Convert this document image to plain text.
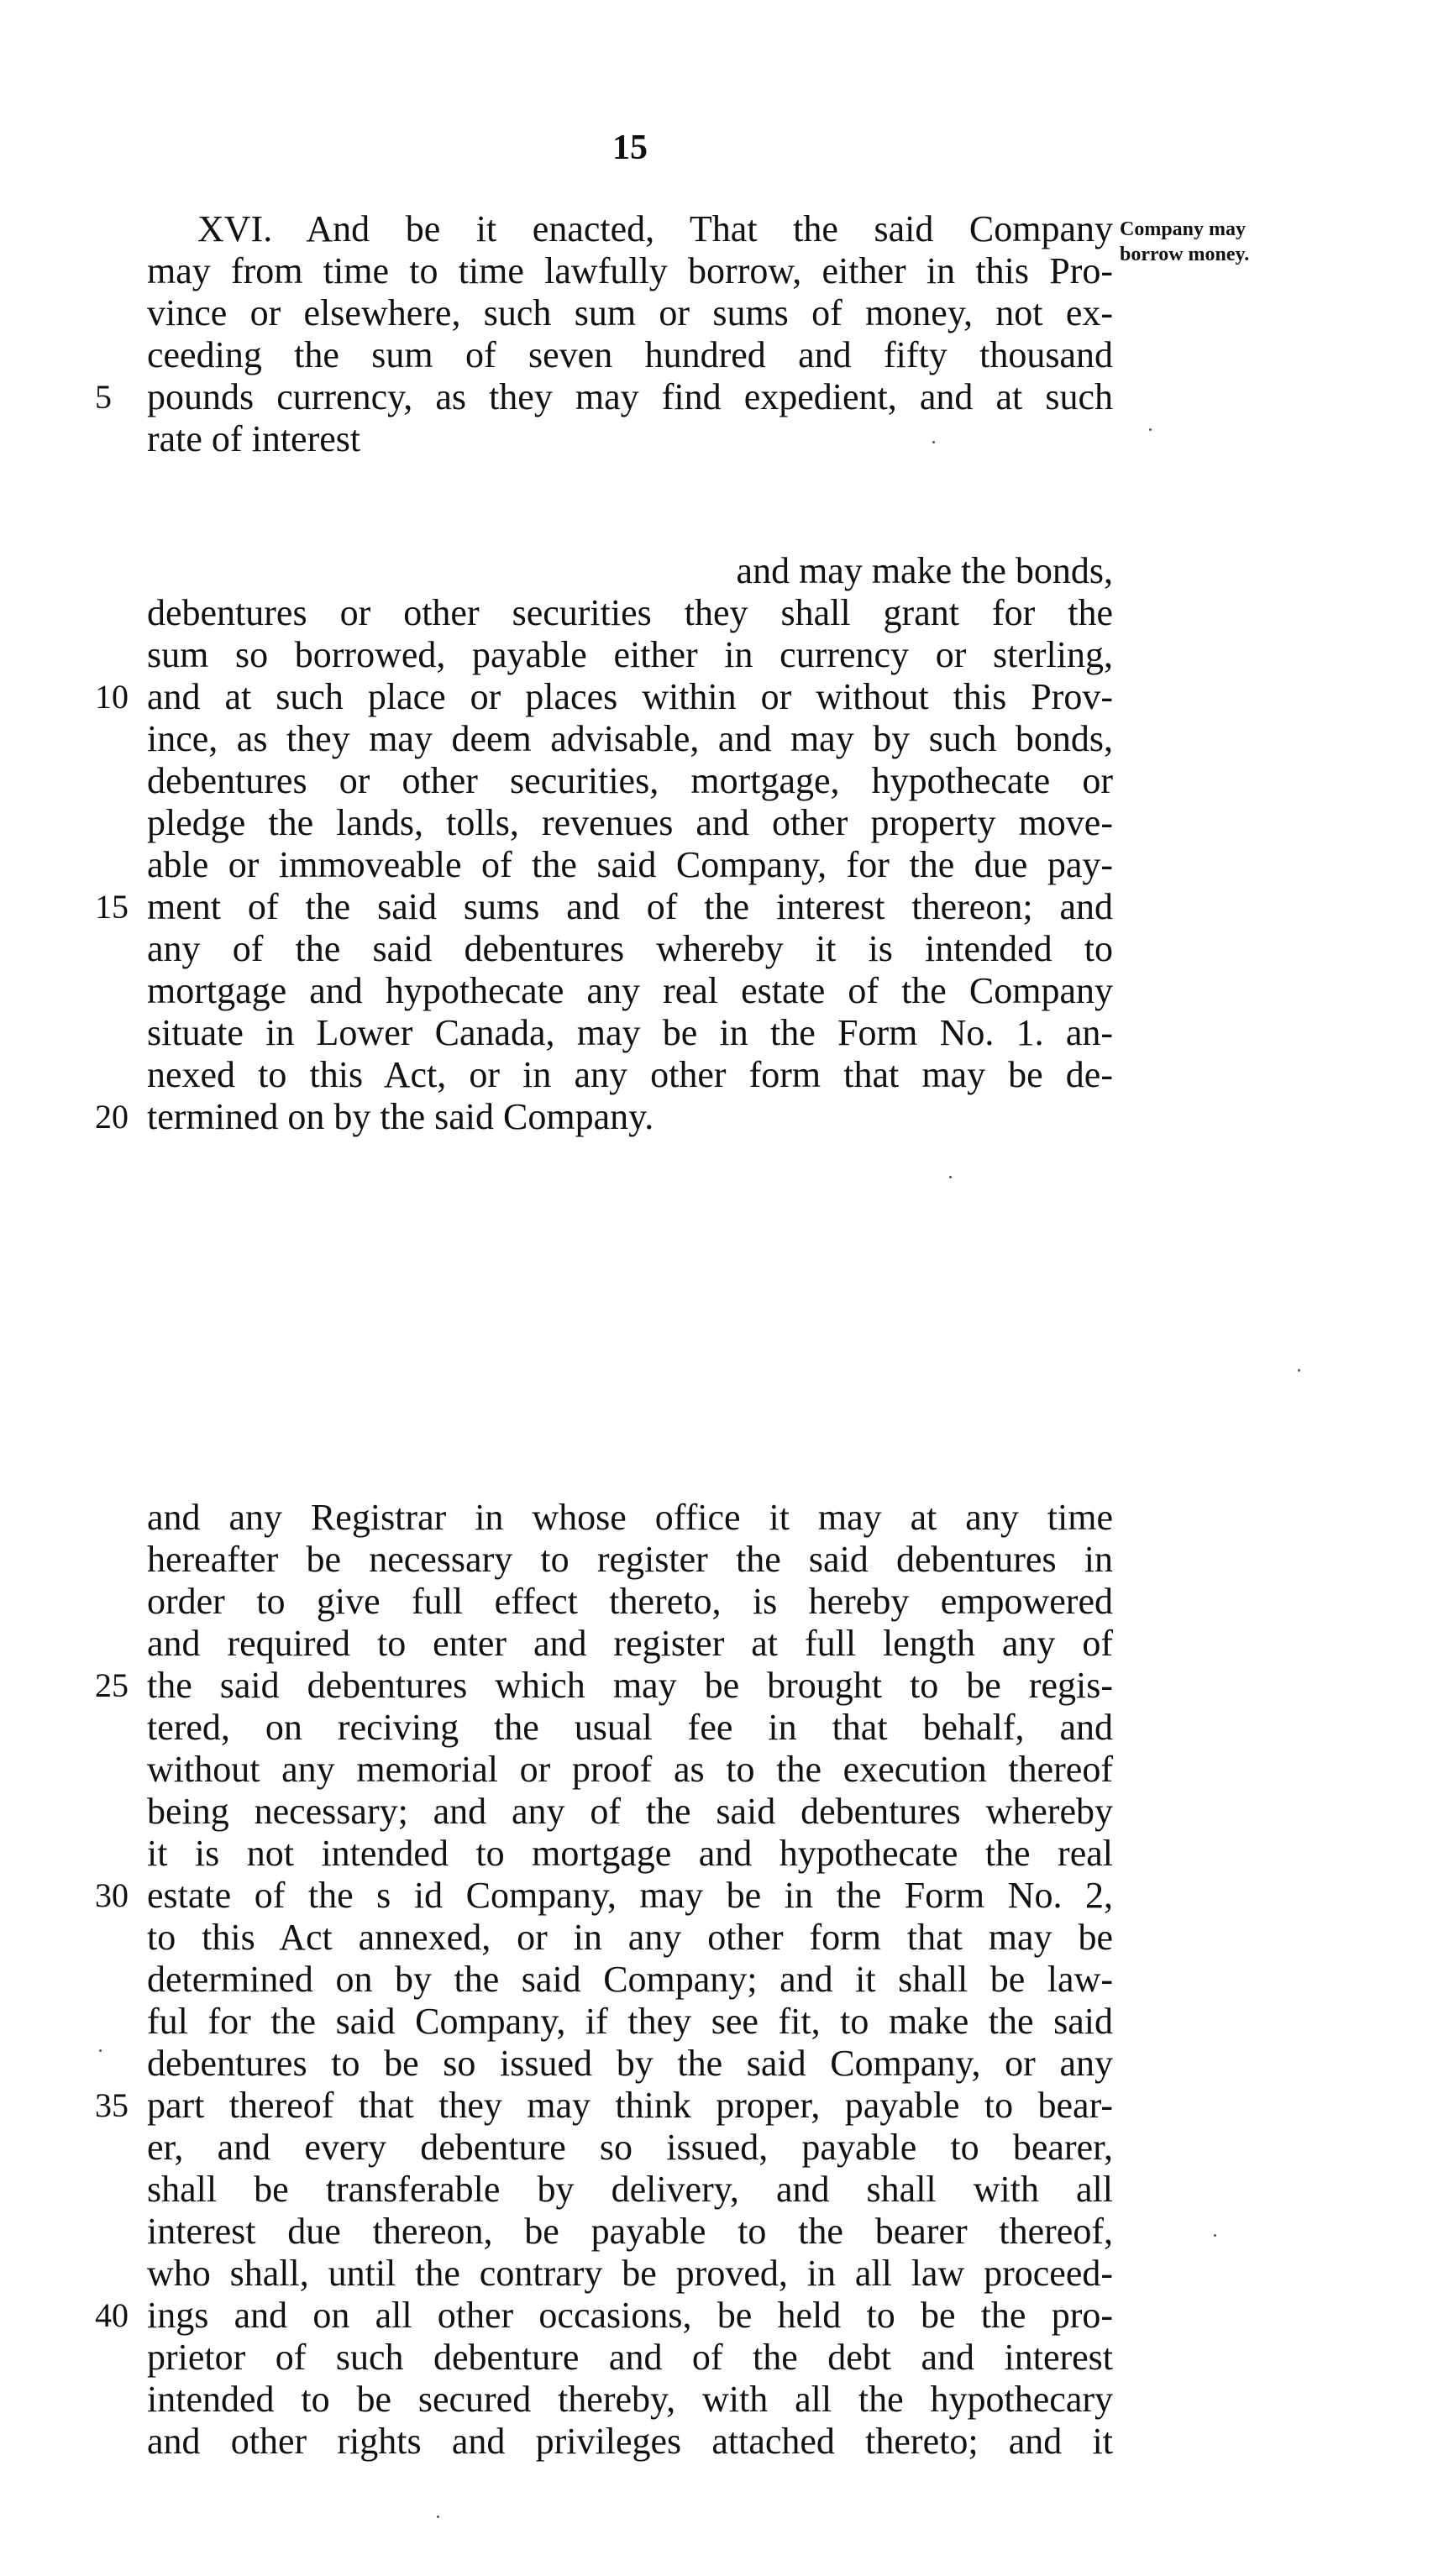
15
Company may
borrow money.
XVI. And be it enacted, That the said Company
may from time to time lawfully borrow, either in this Pro-
vince or elsewhere, such sum or sums of money, not ex-
ceeding the sum of seven hundred and fifty thousand
pounds currency, as they may find expedient, and at such
5
rate of interest
and may make the bonds,
debentures or other securities they shall grant for the
sum so borrowed, payable either in currency or sterling,
and at such place or places within or without this Prov-
10
ince, as they may deem advisable, and may by such bonds,
debentures or other securities, mortgage, hypothecate or
pledge the lands, tolls, revenues and other property move-
able or immoveable of the said Company, for the due pay-
ment of the said sums and of the interest thereon; and
15
any of the said debentures whereby it is intended to
mortgage and hypothecate any real estate of the Company
situate in Lower Canada, may be in the Form No. 1. an-
nexed to this Act, or in any other form that may be de-
termined on by the said Company.
20
and any Registrar in whose office it may at any time
hereafter be necessary to register the said debentures in
order to give full effect thereto, is hereby empowered
and required to enter and register at full length any of
the said debentures which may be brought to be regis-
25
tered, on reciving the usual fee in that behalf, and
without any memorial or proof as to the execution thereof
being necessary; and any of the said debentures whereby
it is not intended to mortgage and hypothecate the real
estate of the s id Company, may be in the Form No. 2,
30
to this Act annexed, or in any other form that may be
determined on by the said Company; and it shall be law-
ful for the said Company, if they see fit, to make the said
debentures to be so issued by the said Company, or any
part thereof that they may think proper, payable to bear-
35
er, and every debenture so issued, payable to bearer,
shall be transferable by delivery, and shall with all
interest due thereon, be payable to the bearer thereof,
who shall, until the contrary be proved, in all law proceed-
ings and on all other occasions, be held to be the pro-
40
prietor of such debenture and of the debt and interest
intended to be secured thereby, with all the hypothecary
and other rights and privileges attached thereto; and it
